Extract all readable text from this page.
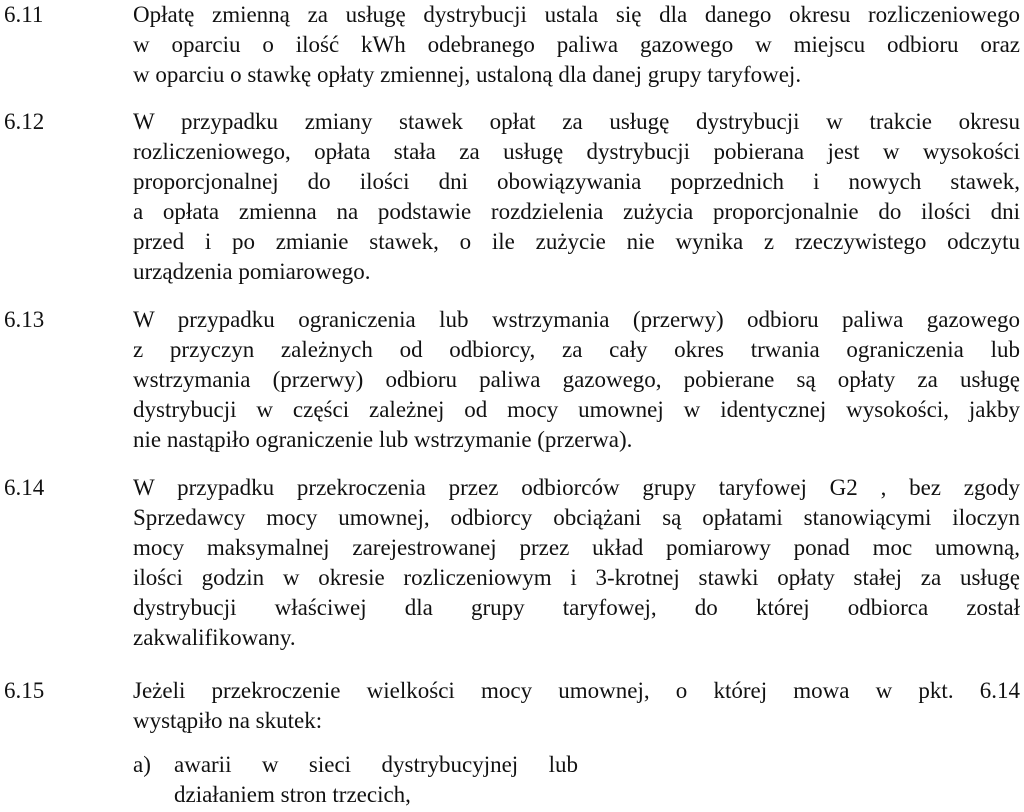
6.11	Opłatę zmienną za usługę dystrybucji ustala się dla danego okresu rozliczeniowego
w oparciu o ilość kWh odebranego paliwa gazowego w miejscu odbioru oraz
w oparciu o stawkę opłaty zmiennej, ustaloną dla danej grupy taryfowej.
6.12	W przypadku zmiany stawek opłat za usługę dystrybucji w trakcie okresu
rozliczeniowego, opłata stała za usługę dystrybucji pobierana jest w wysokości
proporcjonalnej do ilości dni obowiązywania poprzednich i nowych stawek,
a opłata zmienna na podstawie rozdzielenia zużycia proporcjonalnie do ilości dni
przed i po zmianie stawek, o ile zużycie nie wynika z rzeczywistego odczytu
urządzenia pomiarowego.
6.13	W przypadku ograniczenia lub wstrzymania (przerwy) odbioru paliwa gazowego
z przyczyn zależnych od odbiorcy, za cały okres trwania ograniczenia lub
wstrzymania (przerwy) odbioru paliwa gazowego, pobierane są opłaty za usługę
dystrybucji w części zależnej od mocy umownej w identycznej wysokości, jakby
nie nastąpiło ograniczenie lub wstrzymanie (przerwa).
6.14	W przypadku przekroczenia przez odbiorców grupy taryfowej G2 , bez zgody
Sprzedawcy mocy umownej, odbiorcy obciążani są opłatami stanowiącymi iloczyn
mocy maksymalnej zarejestrowanej przez układ pomiarowy ponad moc umowną,
ilości godzin w okresie rozliczeniowym i 3-krotnej stawki opłaty stałej za usługę
dystrybucji właściwej dla grupy taryfowej, do której odbiorca został
zakwalifikowany.
6.15	Jeżeli przekroczenie wielkości mocy umownej, o której mowa w pkt. 6.14
wystąpiło na skutek:
a) awarii w sieci dystrybucyjnej lub
działaniem stron trzecich,
